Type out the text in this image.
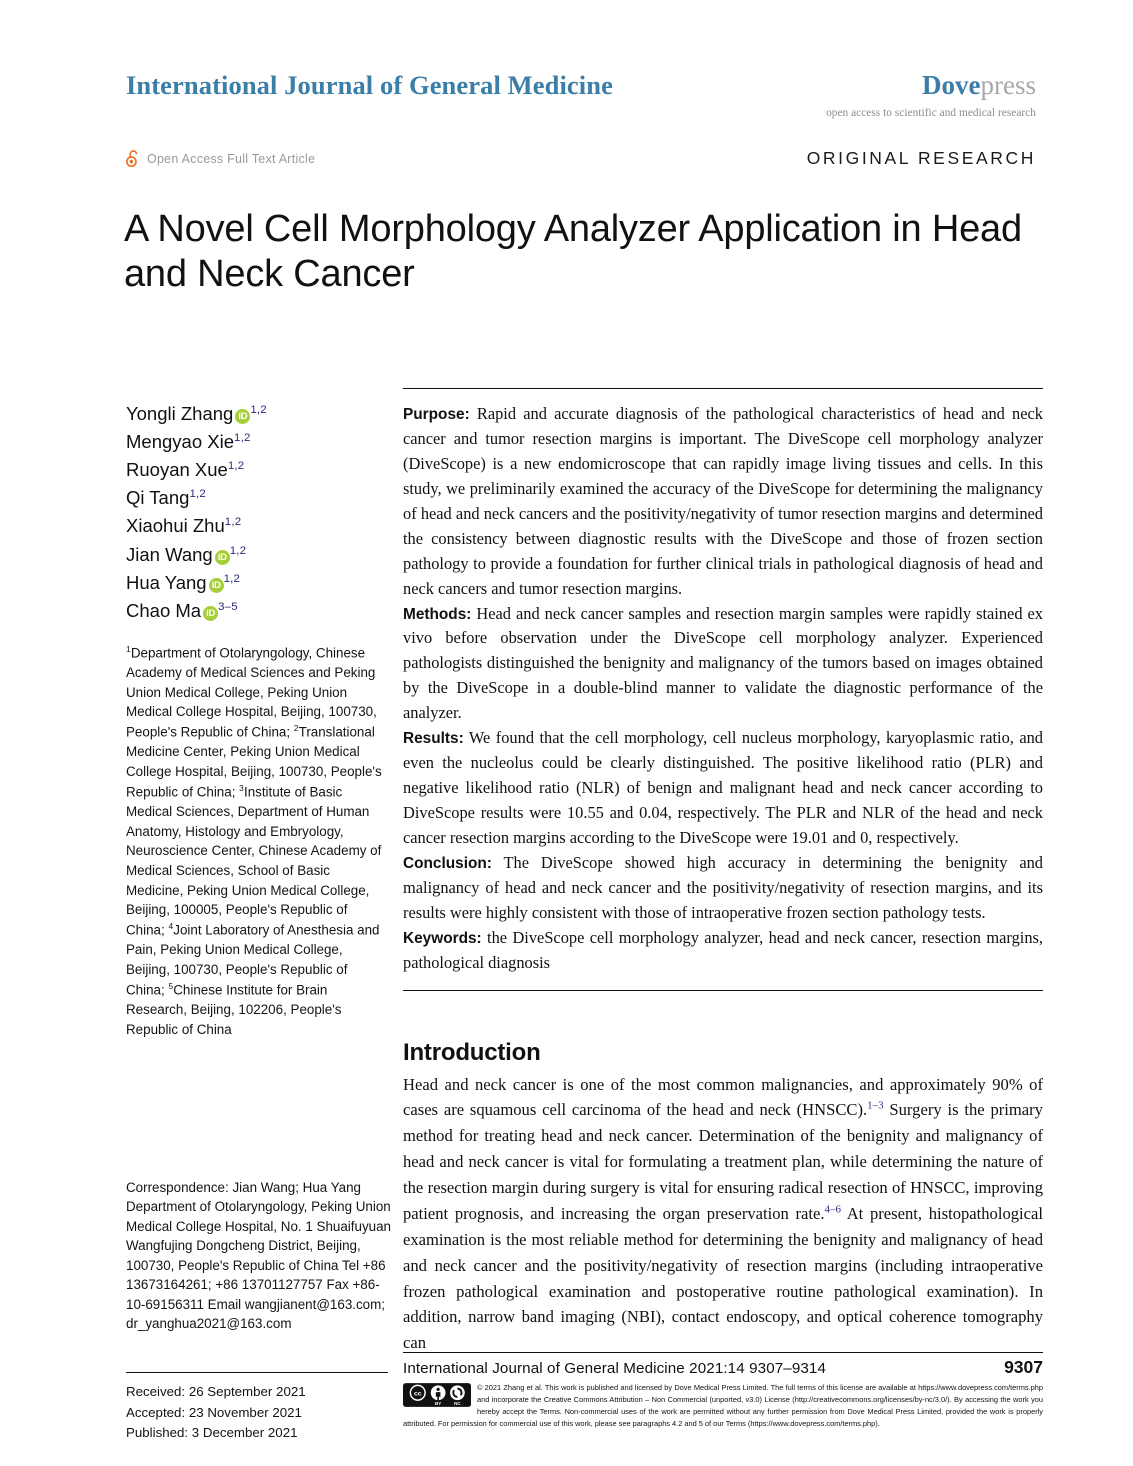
International Journal of General Medicine	Dovepress
open access to scientific and medical research
Open Access Full Text Article	ORIGINAL RESEARCH
A Novel Cell Morphology Analyzer Application in Head and Neck Cancer
Yongli Zhang iD$^{1,2}$
Mengyao Xie$^{1,2}$
Ruoyan Xue$^{1,2}$
Qi Tang$^{1,2}$
Xiaohui Zhu$^{1,2}$
Jian Wang iD$^{1,2}$
Hua Yang iD$^{1,2}$
Chao Ma $iD^{3-5}$
$^1$Department of Otolaryngology, Chinese Academy of Medical Sciences and Peking Union Medical College, Peking Union Medical College Hospital, Beijing, 100730, People's Republic of China; $^2$Translational Medicine Center, Peking Union Medical College Hospital, Beijing, 100730, People's Republic of China; $^3$Institute of Basic Medical Sciences, Department of Human Anatomy, Histology and Embryology, Neuroscience Center, Chinese Academy of Medical Sciences, School of Basic Medicine, Peking Union Medical College, Beijing, 100005, People's Republic of China; $^4$Joint Laboratory of Anesthesia and Pain, Peking Union Medical College, Beijing, 100730, People's Republic of China; $^5$Chinese Institute for Brain Research, Beijing, 102206, People's Republic of China
Correspondence: Jian Wang; Hua Yang Department of Otolaryngology, Peking Union Medical College Hospital, No. 1 Shuaifuyuan Wangfujing Dongcheng District, Beijing, 100730, People's Republic of China Tel +86 13673164261; +86 13701127757 Fax +86-10-69156311 Email wangjianent@163.com; dr_yanghua2021@163.com
Received: 26 September 2021
Accepted: 23 November 2021
Published: 3 December 2021

Purpose: Rapid and accurate diagnosis of the pathological characteristics of head and neck cancer and tumor resection margins is important. The DiveScope cell morphology analyzer (DiveScope) is a new endomicroscope that can rapidly image living tissues and cells. In this study, we preliminarily examined the accuracy of the DiveScope for determining the malignancy of head and neck cancers and the positivity/negativity of tumor resection margins and determined the consistency between diagnostic results with the DiveScope and those of frozen section pathology to provide a foundation for further clinical trials in pathological diagnosis of head and neck cancers and tumor resection margins.

Methods: Head and neck cancer samples and resection margin samples were rapidly stained ex vivo before observation under the DiveScope cell morphology analyzer. Experienced pathologists distinguished the benignity and malignancy of the tumors based on images obtained by the DiveScope in a double-blind manner to validate the diagnostic performance of the analyzer.

Results: We found that the cell morphology, cell nucleus morphology, karyoplasmic ratio, and even the nucleolus could be clearly distinguished. The positive likelihood ratio (PLR) and negative likelihood ratio (NLR) of benign and malignant head and neck cancer according to DiveScope results were 10.55 and 0.04, respectively. The PLR and NLR of the head and neck cancer resection margins according to the DiveScope were 19.01 and 0, respectively.

Conclusion: The DiveScope showed high accuracy in determining the benignity and malignancy of head and neck cancer and the positivity/negativity of resection margins, and its results were highly consistent with those of intraoperative frozen section pathology tests.

Keywords: the DiveScope cell morphology analyzer, head and neck cancer, resection margins, pathological diagnosis

Introduction

Head and neck cancer is one of the most common malignancies, and approximately 90% of cases are squamous cell carcinoma of the head and neck (HNSCC).$^{1-3}$ Surgery is the primary method for treating head and neck cancer. Determination of the benignity and malignancy of head and neck cancer is vital for formulating a treatment plan, while determining the nature of the resection margin during surgery is vital for ensuring radical resection of HNSCC, improving patient prognosis, and increasing the organ preservation rate.$^{4-6}$ At present, histopathological examination is the most reliable method for determining the benignity and malignancy of head and neck cancer and the positivity/negativity of resection margins (including intraoperative frozen pathological examination and postoperative routine pathological examination). In addition, narrow band imaging (NBI), contact endoscopy, and optical coherence tomography can

International Journal of General Medicine 2021:14 9307–9314	9307
cc
BY NC
© 2021 Zhang et al. This work is published and licensed by Dove Medical Press Limited. The full terms of this license are available at https://www.dovepress.com/terms.php and incorporate the Creative Commons Attribution – Non Commercial (unported, v3.0) License (http://creativecommons.org/licenses/by-nc/3.0/). By accessing the work you hereby accept the Terms. Non-commercial uses of the work are permitted without any further permission from Dove Medical Press Limited, provided the work is properly attributed. For permission for commercial use of this work, please see paragraphs 4.2 and 5 of our Terms (https://www.dovepress.com/terms.php).
